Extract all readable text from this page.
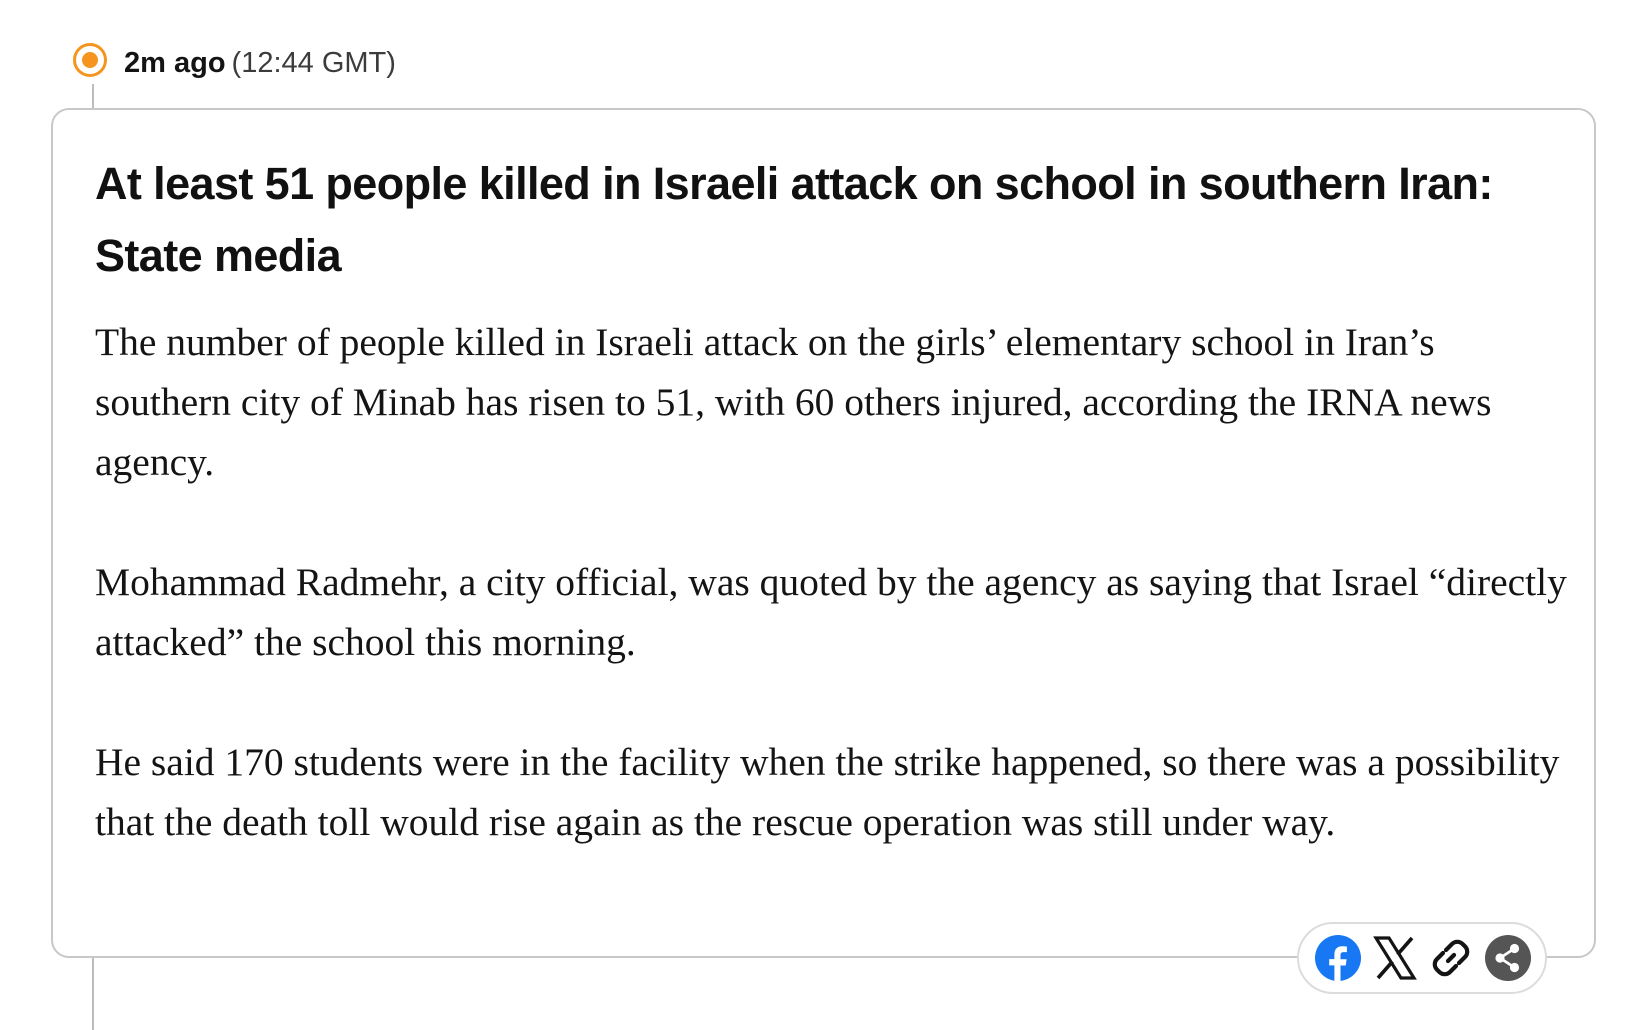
2m ago (12:44 GMT)
At least 51 people killed in Israeli attack on school in southern Iran: State media

The number of people killed in Israeli attack on the girls’ elementary school in Iran’s southern city of Minab has risen to 51, with 60 others injured, according the IRNA news agency.

Mohammad Radmehr, a city official, was quoted by the agency as saying that Israel “directly attacked” the school this morning.

He said 170 students were in the facility when the strike happened, so there was a possibility that the death toll would rise again as the rescue operation was still under way.
